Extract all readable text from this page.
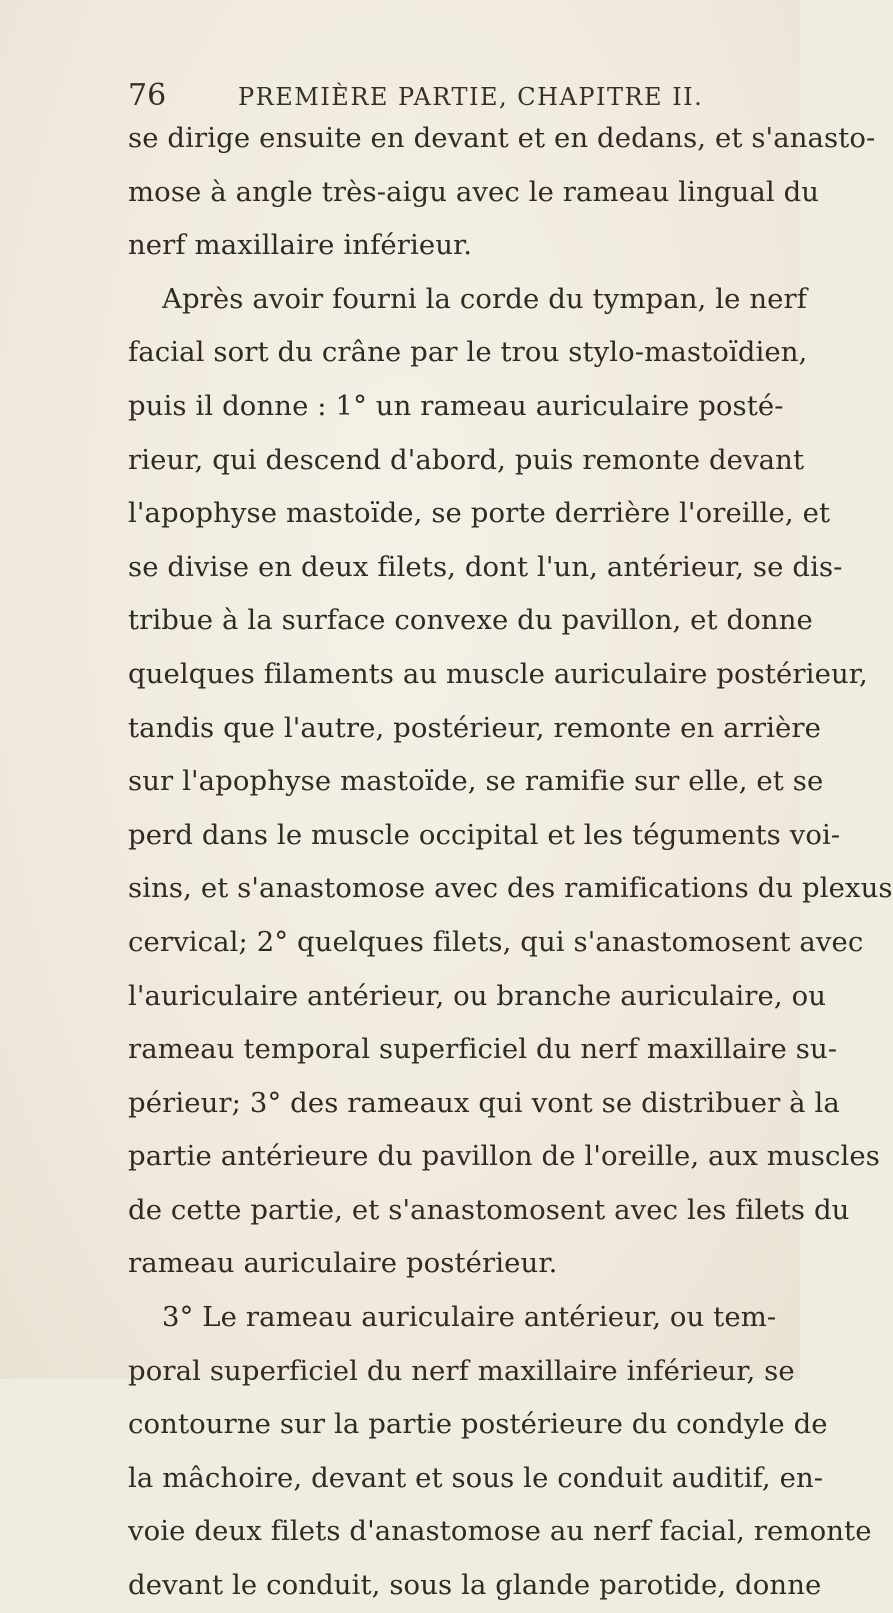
76	PREMIÈRE PARTIE, CHAPITRE II.
se dirige ensuite en devant et en dedans, et s'anasto-
mose à angle très-aigu avec le rameau lingual du
nerf maxillaire inférieur.
Après avoir fourni la corde du tympan, le nerf
facial sort du crâne par le trou stylo-mastoïdien,
puis il donne : 1° un rameau auriculaire posté-
rieur, qui descend d'abord, puis remonte devant
l'apophyse mastoïde, se porte derrière l'oreille, et
se divise en deux filets, dont l'un, antérieur, se dis-
tribue à la surface convexe du pavillon, et donne
quelques filaments au muscle auriculaire postérieur,
tandis que l'autre, postérieur, remonte en arrière
sur l'apophyse mastoïde, se ramifie sur elle, et se
perd dans le muscle occipital et les téguments voi-
sins, et s'anastomose avec des ramifications du plexus
cervical; 2° quelques filets, qui s'anastomosent avec
l'auriculaire antérieur, ou branche auriculaire, ou
rameau temporal superficiel du nerf maxillaire su-
périeur; 3° des rameaux qui vont se distribuer à la
partie antérieure du pavillon de l'oreille, aux muscles
de cette partie, et s'anastomosent avec les filets du
rameau auriculaire postérieur.
3° Le rameau auriculaire antérieur, ou tem-
poral superficiel du nerf maxillaire inférieur, se
contourne sur la partie postérieure du condyle de
la mâchoire, devant et sous le conduit auditif, en-
voie deux filets d'anastomose au nerf facial, remonte
devant le conduit, sous la glande parotide, donne
